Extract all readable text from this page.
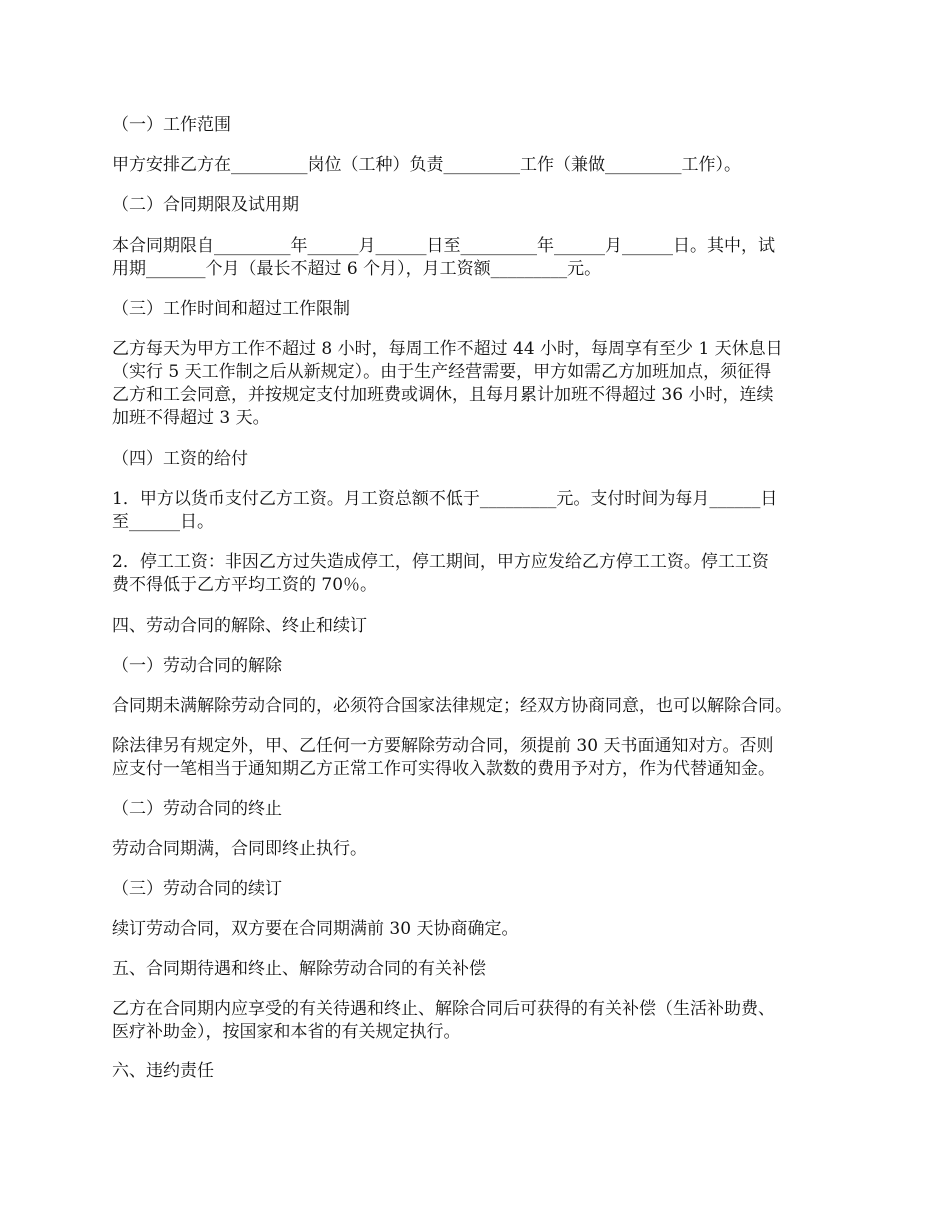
（一）工作范围
甲方安排乙方在_________岗位（工种）负责_________工作（兼做_________工作）。
（二）合同期限及试用期
本合同期限自_________年______月______日至_________年______月______日。其中，试
用期_______个月（最长不超过 6 个月），月工资额_________元。
（三）工作时间和超过工作限制
乙方每天为甲方工作不超过 8 小时，每周工作不超过 44 小时，每周享有至少 1 天休息日
（实行 5 天工作制之后从新规定）。由于生产经营需要，甲方如需乙方加班加点，须征得
乙方和工会同意，并按规定支付加班费或调休，且每月累计加班不得超过 36 小时，连续
加班不得超过 3 天。
（四）工资的给付
1．甲方以货币支付乙方工资。月工资总额不低于_________元。支付时间为每月______日
至______日。
2．停工工资：非因乙方过失造成停工，停工期间，甲方应发给乙方停工工资。停工工资
费不得低于乙方平均工资的 70％。
四、劳动合同的解除、终止和续订
（一）劳动合同的解除
合同期未满解除劳动合同的，必须符合国家法律规定；经双方协商同意，也可以解除合同。
除法律另有规定外，甲、乙任何一方要解除劳动合同，须提前 30 天书面通知对方。否则
应支付一笔相当于通知期乙方正常工作可实得收入款数的费用予对方，作为代替通知金。
（二）劳动合同的终止
劳动合同期满，合同即终止执行。
（三）劳动合同的续订
续订劳动合同，双方要在合同期满前 30 天协商确定。
五、合同期待遇和终止、解除劳动合同的有关补偿
乙方在合同期内应享受的有关待遇和终止、解除合同后可获得的有关补偿（生活补助费、
医疗补助金），按国家和本省的有关规定执行。
六、违约责任
